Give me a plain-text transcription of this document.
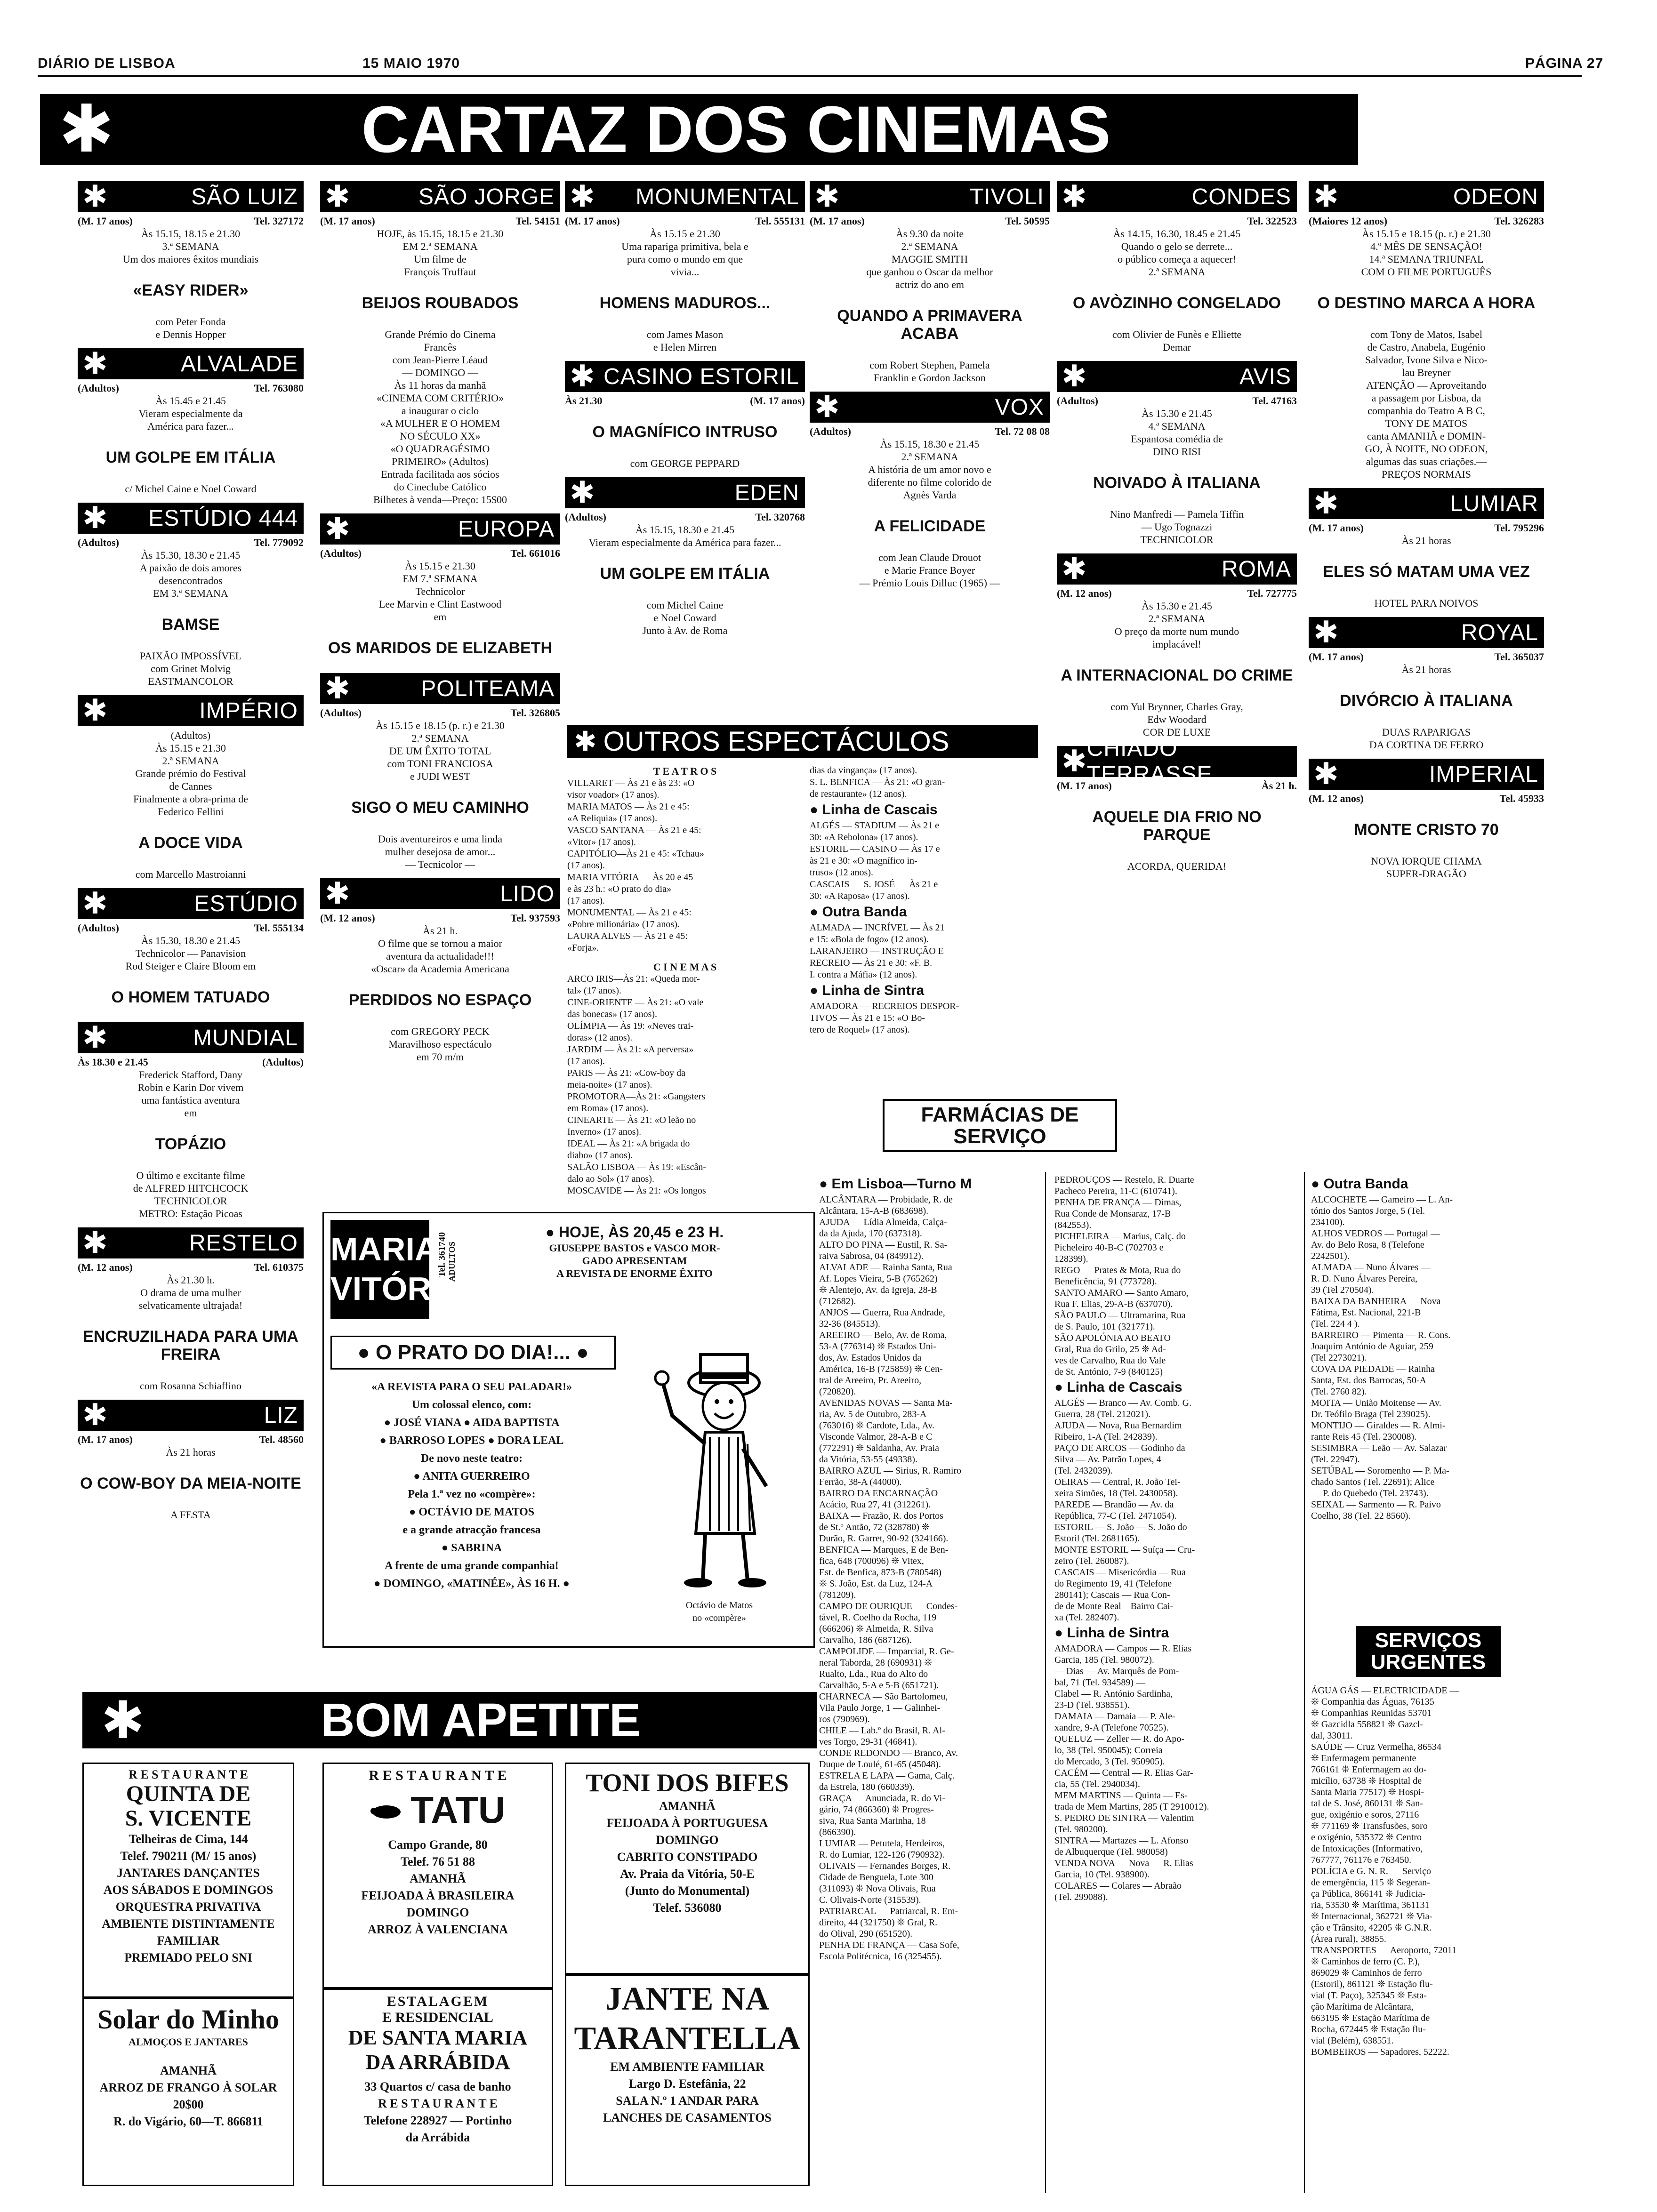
DIÁRIO DE LISBOA	15 MAIO 1970	PÁGINA 27
✱	CARTAZ DOS CINEMAS
✱	SÃO LUIZ
(M. 17 anos)	Tel. 327172

Às 15.15, 18.15 e 21.30

3.ª SEMANA

Um dos maiores êxitos mundiais

«EASY RIDER»

com Peter Fonda

e Dennis Hopper

✱	ALVALADE
(Adultos)	Tel. 763080

Às 15.45 e 21.45

Vieram especialmente da

América para fazer...

UM GOLPE EM ITÁLIA

c/ Michel Caine e Noel Coward

✱ ESTÚDIO 444
(Adultos)	Tel. 779092

Às 15.30, 18.30 e 21.45

A paixão de dois amores

desencontrados

EM 3.ª SEMANA

BAMSE

PAIXÃO IMPOSSÍVEL

com Grinet Molvig

EASTMANCOLOR

✱	IMPÉRIO

(Adultos)

Às 15.15 e 21.30

2.ª SEMANA

Grande prémio do Festival

de Cannes

Finalmente a obra-prima de

Federico Fellini

A DOCE VIDA

com Marcello Mastroianni

✱	ESTÚDIO
(Adultos)	Tel. 555134

Às 15.30, 18.30 e 21.45

Technicolor — Panavision

Rod Steiger e Claire Bloom em

O HOMEM TATUADO

✱	MUNDIAL
Às 18.30 e 21.45	(Adultos)

Frederick Stafford, Dany

Robin e Karin Dor vivem

uma fantástica aventura

em

TOPÁZIO

O último e excitante filme

de ALFRED HITCHCOCK

TECHNICOLOR

METRO: Estação Picoas

✱	RESTELO
(M. 12 anos)	Tel. 610375

Às 21.30 h.

O drama de uma mulher

selvaticamente ultrajada!

ENCRUZILHADA PARA UMA FREIRA

com Rosanna Schiaffino

✱	LIZ
(M. 17 anos)	Tel. 48560

Às 21 horas

O COW-BOY DA MEIA-NOITE

A FESTA

✱	SÃO JORGE
(M. 17 anos)	Tel. 54151

HOJE, às 15.15, 18.15 e 21.30

EM 2.ª SEMANA

Um filme de

François Truffaut

BEIJOS ROUBADOS

Grande Prémio do Cinema

Francês

com Jean-Pierre Léaud

— DOMINGO —

Às 11 horas da manhã

«CINEMA COM CRITÉRIO»

a inaugurar o ciclo

«A MULHER E O HOMEM

NO SÉCULO XX»

«O QUADRAGÉSIMO

PRIMEIRO» (Adultos)

Entrada facilitada aos sócios

do Cineclube Católico

Bilhetes à venda—Preço: 15$00

✱	EUROPA
(Adultos)	Tel. 661016

Às 15.15 e 21.30

EM 7.ª SEMANA

Technicolor

Lee Marvin e Clint Eastwood

em

OS MARIDOS DE ELIZABETH

✱	POLITEAMA
(Adultos)	Tel. 326805

Às 15.15 e 18.15 (p. r.) e 21.30

2.ª SEMANA

DE UM ÊXITO TOTAL

com TONI FRANCIOSA

e JUDI WEST

SIGO O MEU CAMINHO

Dois aventureiros e uma linda

mulher desejosa de amor...

— Tecnicolor —

✱	LIDO
(M. 12 anos)	Tel. 937593

Às 21 h.

O filme que se tornou a maior

aventura da actualidade!!!

«Oscar» da Academia Americana

PERDIDOS NO ESPAÇO

com GREGORY PECK

Maravilhoso espectáculo

em 70 m/m

✱ MONUMENTAL
(M. 17 anos)	Tel. 555131

Às 15.15 e 21.30

Uma rapariga primitiva, bela e

pura como o mundo em que

vivia...

HOMENS MADUROS...

com James Mason

e Helen Mirren

✱ CASINO ESTORIL
Às 21.30	(M. 17 anos)

O MAGNÍFICO INTRUSO

com GEORGE PEPPARD

✱	EDEN
(Adultos)	Tel. 320768

Às 15.15, 18.30 e 21.45

Vieram especialmente da América para fazer...

UM GOLPE EM ITÁLIA

com Michel Caine

e Noel Coward

Junto à Av. de Roma

✱	TIVOLI
(M. 17 anos)	Tel. 50595

Às 9.30 da noite

2.ª SEMANA

MAGGIE SMITH

que ganhou o Oscar da melhor

actriz do ano em

QUANDO A PRIMAVERA ACABA

com Robert Stephen, Pamela

Franklin e Gordon Jackson

✱	VOX
(Adultos)	Tel. 72 08 08

Às 15.15, 18.30 e 21.45

2.ª SEMANA

A história de um amor novo e

diferente no filme colorido de

Agnès Varda

A FELICIDADE

com Jean Claude Drouot

e Marie France Boyer

— Prémio Louis Dilluc (1965) —

✱	CONDES
Tel. 322523

Às 14.15, 16.30, 18.45 e 21.45

Quando o gelo se derrete...

o público começa a aquecer!

2.ª SEMANA

O AVÒZINHO CONGELADO

com Olivier de Funès e Elliette

Demar

✱	AVIS
(Adultos)	Tel. 47163

Às 15.30 e 21.45

4.ª SEMANA

Espantosa comédia de

DINO RISI

NOIVADO À ITALIANA

Nino Manfredi — Pamela Tiffin

— Ugo Tognazzi

TECHNICOLOR

✱	ROMA
(M. 12 anos)	Tel. 727775

Às 15.30 e 21.45

2.ª SEMANA

O preço da morte num mundo

implacável!

A INTERNACIONAL DO CRIME

com Yul Brynner, Charles Gray,

Edw Woodard

COR DE LUXE

✱ CHIADO TERRASSE
(M. 17 anos)	Às 21 h.

AQUELE DIA FRIO NO PARQUE

ACORDA, QUERIDA!

✱	ODEON
(Maiores 12 anos)	Tel. 326283

Às 15.15 e 18.15 (p. r.) e 21.30

4.º MÊS DE SENSAÇÃO!

14.ª SEMANA TRIUNFAL

COM O FILME PORTUGUÊS

O DESTINO MARCA A HORA

com Tony de Matos, Isabel

de Castro, Anabela, Eugénio

Salvador, Ivone Silva e Nico-

lau Breyner

ATENÇÃO — Aproveitando

a passagem por Lisboa, da

companhia do Teatro A B C,

TONY DE MATOS

canta AMANHÃ e DOMIN-

GO, À NOITE, NO ODEON,

algumas das suas criações.—

PREÇOS NORMAIS

✱	LUMIAR
(M. 17 anos)	Tel. 795296

Às 21 horas

ELES SÓ MATAM UMA VEZ

HOTEL PARA NOIVOS

✱	ROYAL
(M. 17 anos)	Tel. 365037

Às 21 horas

DIVÓRCIO À ITALIANA

DUAS RAPARIGAS

DA CORTINA DE FERRO

✱	IMPERIAL
(M. 12 anos)	Tel. 45933

MONTE CRISTO 70

NOVA IORQUE CHAMA

SUPER-DRAGÃO

✱ OUTROS ESPECTÁCULOS

T E A T R O S

VILLARET — Às 21 e às 23: «O

visor voador» (17 anos).

MARIA MATOS — Às 21 e 45:

«A Relíquia» (17 anos).

VASCO SANTANA — Às 21 e 45:

«Vitor» (17 anos).

CAPITÓLIO—Às 21 e 45: «Tchau»

(17 anos).

MARIA VITÓRIA — Às 20 e 45

e às 23 h.: «O prato do dia»

(17 anos).

MONUMENTAL — Às 21 e 45:

«Pobre milionária» (17 anos).

LAURA ALVES — Às 21 e 45:

«Forja».

C I N E M A S

ARCO IRIS—Às 21: «Queda mor-

tal» (17 anos).

CINE-ORIENTE — Às 21: «O vale

das bonecas» (17 anos).

OLÍMPIA — Às 19: «Neves trai-

doras» (12 anos).

JARDIM — Às 21: «A perversa»

(17 anos).

PARIS — Às 21: «Cow-boy da

meia-noite» (17 anos).

PROMOTORA—Às 21: «Gangsters

em Roma» (17 anos).

CINEARTE — Às 21: «O leão no

Inverno» (17 anos).

IDEAL — Às 21: «A brigada do

diabo» (17 anos).

SALÃO LISBOA — Às 19: «Escân-

dalo ao Sol» (17 anos).

MOSCAVIDE — Às 21: «Os longos

dias da vingança» (17 anos).

S. L. BENFICA — Às 21: «O gran-

de restaurante» (12 anos).

● Linha de Cascais

ALGÉS — STADIUM — Às 21 e

30: «A Rebolona» (17 anos).

ESTORIL — CASINO — Às 17 e

às 21 e 30: «O magnífico in-

truso» (12 anos).

CASCAIS — S. JOSÉ — Às 21 e

30: «A Raposa» (17 anos).

● Outra Banda

ALMADA — INCRÍVEL — Às 21

e 15: «Bola de fogo» (12 anos).

LARANJEIRO — INSTRUÇÃO E

RECREIO — Às 21 e 30: «F. B.

I. contra a Máfia» (12 anos).

● Linha de Sintra

AMADORA — RECREIOS DESPOR-

TIVOS — Às 21 e 15: «O Bo-

tero de Roquel» (17 anos).

MARIA VITÓRIA
Tel. 361740 ADULTOS

● HOJE, ÀS 20,45 e 23 H.

GIUSEPPE BASTOS e VASCO MOR-

GADO APRESENTAM

A REVISTA DE ENORME ÊXITO

● O PRATO DO DIA!... ●

«A REVISTA PARA O SEU PALADAR!»

Um colossal elenco, com:

● JOSÉ VIANA ● AIDA BAPTISTA

● BARROSO LOPES ● DORA LEAL

De novo neste teatro:

● ANITA GUERREIRO

Pela 1.ª vez no «compère»:

● OCTÁVIO DE MATOS

e a grande atracção francesa

● SABRINA

A frente de uma grande companhia!

● DOMINGO, «MATINÉE», ÀS 16 H. ●

Octávio de Matos

no «compère»

FARMÁCIAS DE SERVIÇO

● Em Lisboa—Turno M

ALCÂNTARA — Probidade, R. de

Alcântara, 15-A-B (683698).

AJUDA — Lídia Almeida, Calça-

da da Ajuda, 170 (637318).

ALTO DO PINA — Eustil, R. Sa-

raiva Sabrosa, 04 (849912).

ALVALADE — Rainha Santa, Rua

Af. Lopes Vieira, 5-B (765262)

❊ Alentejo, Av. da Igreja, 28-B

(712682).

ANJOS — Guerra, Rua Andrade,

32-36 (845513).

AREEIRO — Belo, Av. de Roma,

53-A (776314) ❊ Estados Uni-

dos, Av. Estados Unidos da

América, 16-B (725859) ❊ Cen-

tral de Areeiro, Pr. Areeiro,

(720820).

AVENIDAS NOVAS — Santa Ma-

ria, Av. 5 de Outubro, 283-A

(763016) ❊ Cardote, Lda., Av.

Visconde Valmor, 28-A-B e C

(772291) ❊ Saldanha, Av. Praia

da Vitória, 53-55 (49338).

BAIRRO AZUL — Sirius, R. Ramiro

Ferrão, 38-A (44000).

BAIRRO DA ENCARNAÇÃO —

Acácio, Rua 27, 41 (312261).

BAIXA — Frazão, R. dos Portos

de St.º Antão, 72 (328780) ❊

Durão, R. Garret, 90-92 (324166).

BENFICA — Marques, E de Ben-

fica, 648 (700096) ❊ Vitex,

Est. de Benfica, 873-B (780548)

❊ S. João, Est. da Luz, 124-A

(781209).

CAMPO DE OURIQUE — Condes-

tável, R. Coelho da Rocha, 119

(666206) ❊ Almeida, R. Silva

Carvalho, 186 (687126).

CAMPOLIDE — Imparcial, R. Ge-

neral Taborda, 28 (690931) ❊

Rualto, Lda., Rua do Alto do

Carvalhão, 5-A e 5-B (651721).

CHARNECA — São Bartolomeu,

Vila Paulo Jorge, 1 — Galinhei-

ros (790969).

CHILE — Lab.º do Brasil, R. Al-

ves Torgo, 29-31 (46841).

CONDE REDONDO — Branco, Av.

Duque de Loulé, 61-65 (45048).

ESTRELA E LAPA — Gama, Calç.

da Estrela, 180 (660339).

GRAÇA — Anunciada, R. do Vi-

gário, 74 (866360) ❊ Progres-

siva, Rua Santa Marinha, 18

(866390).

LUMIAR — Petutela, Herdeiros,

R. do Lumiar, 122-126 (790932).

OLIVAIS — Fernandes Borges, R.

Cidade de Benguela, Lote 300

(311093) ❊ Nova Olivais, Rua

C. Olivais-Norte (315539).

PATRIARCAL — Patriarcal, R. Em-

direito, 44 (321750) ❊ Gral, R.

do Olival, 290 (651520).

PENHA DE FRANÇA — Casa Sofe,

Escola Politécnica, 16 (325455).

PEDROUÇOS — Restelo, R. Duarte

Pacheco Pereira, 11-C (610741).

PENHA DE FRANÇA — Dimas,

Rua Conde de Monsaraz, 17-B

(842553).

PICHELEIRA — Marius, Calç. do

Picheleiro 40-B-C (702703 e

128399).

REGO — Prates & Mota, Rua do

Beneficência, 91 (773728).

SANTO AMARO — Santo Amaro,

Rua F. Elias, 29-A-B (637070).

SÃO PAULO — Ultramarina, Rua

de S. Paulo, 101 (321771).

SÃO APOLÓNIA AO BEATO

Gral, Rua do Grilo, 25 ❊ Ad-

ves de Carvalho, Rua do Vale

de St. António, 7-9 (840125)

● Linha de Cascais

ALGÉS — Branco — Av. Comb. G.

Guerra, 28 (Tel. 212021).

AJUDA — Nova, Rua Bernardim

Ribeiro, 1-A (Tel. 242839).

PAÇO DE ARCOS — Godinho da

Silva — Av. Patrão Lopes, 4

(Tel. 2432039).

OEIRAS — Central, R. João Tei-

xeira Simões, 18 (Tel. 2430058).

PAREDE — Brandão — Av. da

República, 77-C (Tel. 2471054).

ESTORIL — S. João — S. João do

Estoril (Tel. 2681165).

MONTE ESTORIL — Suíça — Cru-

zeiro (Tel. 260087).

CASCAIS — Misericórdia — Rua

do Regimento 19, 41 (Telefone

280141); Cascais — Rua Con-

de de Monte Real—Bairro Cai-

xa (Tel. 282407).

● Linha de Sintra

AMADORA — Campos — R. Elias

Garcia, 185 (Tel. 980072).

— Dias — Av. Marquês de Pom-

bal, 71 (Tel. 934589) —

Clabel — R. António Sardinha,

23-D (Tel. 938551).

DAMAIA — Damaia — P. Ale-

xandre, 9-A (Telefone 70525).

QUELUZ — Zeller — R. do Apo-

lo, 38 (Tel. 950045); Correia

do Mercado, 3 (Tel. 950905).

CACÉM — Central — R. Elias Gar-

cia, 55 (Tel. 2940034).

MEM MARTINS — Quinta — Es-

trada de Mem Martins, 285 (T 2910012).

S. PEDRO DE SINTRA — Valentim

(Tel. 980200).

SINTRA — Martazes — L. Afonso

de Albuquerque (Tel. 980058)

VENDA NOVA — Nova — R. Elias

Garcia, 10 (Tel. 938900).

COLARES — Colares — Abraão

(Tel. 299088).

● Outra Banda

ALCOCHETE — Gameiro — L. An-

tónio dos Santos Jorge, 5 (Tel.

234100).

ALHOS VEDROS — Portugal —

Av. do Belo Rosa, 8 (Telefone

2242501).

ALMADA — Nuno Álvares —

R. D. Nuno Álvares Pereira,

39 (Tel 270504).

BAIXA DA BANHEIRA — Nova

Fátima, Est. Nacional, 221-B

(Tel. 224 4 ).

BARREIRO — Pimenta — R. Cons.

Joaquim António de Aguiar, 259

(Tel 2273021).

COVA DA PIEDADE — Rainha

Santa, Est. dos Barrocas, 50-A

(Tel. 2760 82).

MOITA — União Moitense — Av.

Dr. Teófilo Braga (Tel 239025).

MONTIJO — Giraldes — R. Almi-

rante Reis 45 (Tel. 230008).

SESIMBRA — Leão — Av. Salazar

(Tel. 22947).

SETÚBAL — Soromenho — P. Ma-

chado Santos (Tel. 22691); Alice

— P. do Quebedo (Tel. 23743).

SEIXAL — Sarmento — R. Paivo

Coelho, 38 (Tel. 22 8560).

SERVIÇOS URGENTES

ÁGUA GÁS — ELECTRICIDADE —

❊ Companhia das Águas, 76135

❊ Companhias Reunidas 53701

❊ Gazcidla 558821 ❊ Gazcl-

dal, 33011.

SAÚDE — Cruz Vermelha, 86534

❊ Enfermagem permanente

766161 ❊ Enfermagem ao do-

micílio, 63738 ❊ Hospital de

Santa Maria 77517) ❊ Hospi-

tal de S. José, 860131 ❊ San-

gue, oxigénio e soros, 27116

❊ 771169 ❊ Transfusões, soro

e oxigénio, 535372 ❊ Centro

de Intoxicações (Informativo,

767777, 761176 e 763450.

POLÍCIA e G. N. R. — Serviço

de emergência, 115 ❊ Segeran-

ça Pública, 866141 ❊ Judicia-

ria, 53530 ❊ Marítima, 361131

❊ Internacional, 362721 ❊ Via-

ção e Trânsito, 42205 ❊ G.N.R.

(Área rural), 38855.

TRANSPORTES — Aeroporto, 72011

❊ Caminhos de ferro (C. P.),

869029 ❊ Caminhos de ferro

(Estoril), 861121 ❊ Estação flu-

vial (T. Paço), 325345 ❊ Esta-

ção Marítima de Alcântara,

663195 ❊ Estação Marítima de

Rocha, 672445 ❊ Estação flu-

vial (Belém), 638551.

BOMBEIROS — Sapadores, 52222.

✱	BOM APETITE

R E S T A U R A N T E

QUINTA DE

S. VICENTE

Telheiras de Cima, 144

Telef. 790211 (M/ 15 anos)

JANTARES DANÇANTES

AOS SÁBADOS E DOMINGOS

ORQUESTRA PRIVATIVA

AMBIENTE DISTINTAMENTE

FAMILIAR

PREMIADO PELO SNI

Solar do Minho

ALMOÇOS E JANTARES

AMANHÃ

ARROZ DE FRANGO À SOLAR

20$00

R. do Vigário, 60—T. 866811

R E S T A U R A N T E

TATU

Campo Grande, 80

Telef. 76 51 88

AMANHÃ

FEIJOADA À BRASILEIRA

DOMINGO

ARROZ À VALENCIANA

ESTALAGEM

E RESIDENCIAL

DE SANTA MARIA

DA ARRÁBIDA

33 Quartos c/ casa de banho

R E S T A U R A N T E

Telefone 228927 — Portinho

da Arrábida

TONI DOS BIFES

AMANHÃ

FEIJOADA À PORTUGUESA

DOMINGO

CABRITO CONSTIPADO

Av. Praia da Vitória, 50-E

(Junto do Monumental)

Telef. 536080

JANTE NA

TARANTELLA

EM AMBIENTE FAMILIAR

Largo D. Estefânia, 22

SALA N.º 1 ANDAR PARA

LANCHES DE CASAMENTOS
